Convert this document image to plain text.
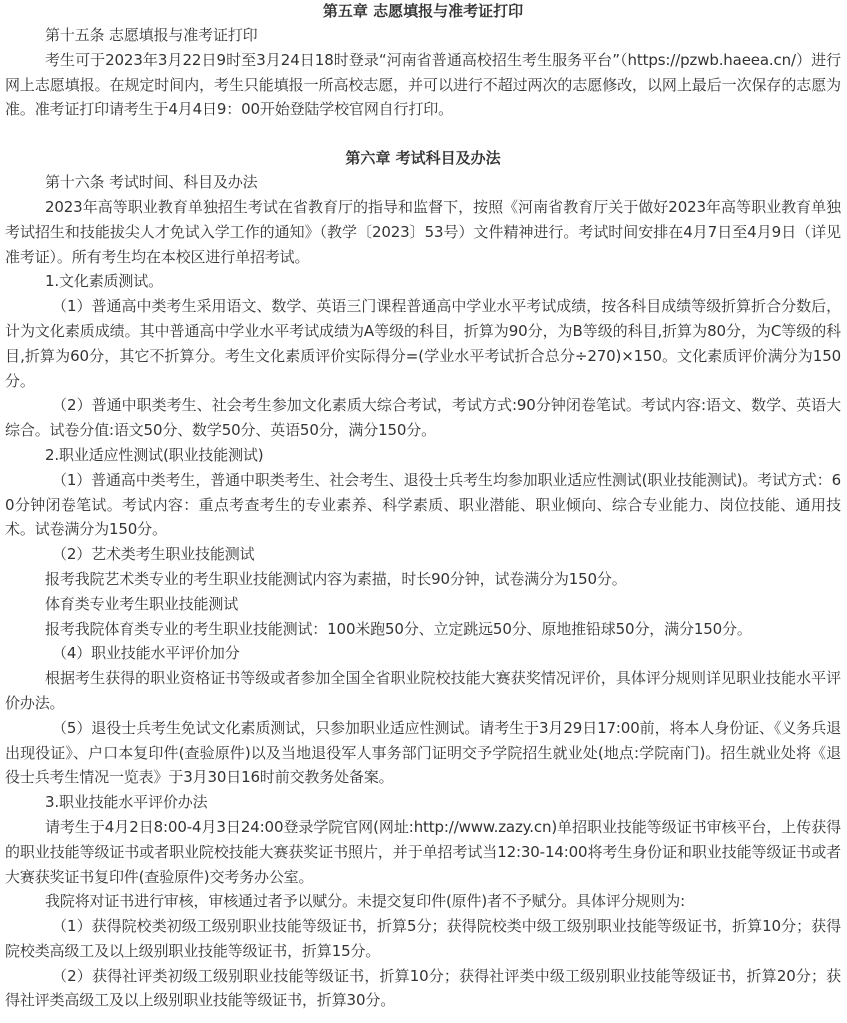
第五章 志愿填报与准考证打印

第十五条 志愿填报与准考证打印

考生可于2023年3月22日9时至3月24日18时登录“河南省普通高校招生考生服务平台”（https://pzwb.haeea.cn/）进行网上志愿填报。在规定时间内，考生只能填报一所高校志愿，并可以进行不超过两次的志愿修改，以网上最后一次保存的志愿为准。准考证打印请考生于4月4日9：00开始登陆学校官网自行打印。

第六章 考试科目及办法

第十六条 考试时间、科目及办法

2023年高等职业教育单独招生考试在省教育厅的指导和监督下，按照《河南省教育厅关于做好2023年高等职业教育单独考试招生和技能拔尖人才免试入学工作的通知》（教学〔2023〕53号）文件精神进行。考试时间安排在4月7日至4月9日（详见准考证）。所有考生均在本校区进行单招考试。

1.文化素质测试。

（1）普通高中类考生采用语文、数学、英语三门课程普通高中学业水平考试成绩，按各科目成绩等级折算折合分数后，计为文化素质成绩。其中普通高中学业水平考试成绩为A等级的科目，折算为90分，为B等级的科目,折算为80分，为C等级的科目,折算为60分，其它不折算分。考生文化素质评价实际得分=(学业水平考试折合总分÷270)×150。文化素质评价满分为150分。

（2）普通中职类考生、社会考生参加文化素质大综合考试，考试方式:90分钟闭卷笔试。考试内容:语文、数学、英语大综合。试卷分值:语文50分、数学50分、英语50分，满分150分。

2.职业适应性测试(职业技能测试)

（1）普通高中类考生，普通中职类考生、社会考生、退役士兵考生均参加职业适应性测试(职业技能测试)。考试方式：60分钟闭卷笔试。考试内容：重点考查考生的专业素养、科学素质、职业潜能、职业倾向、综合专业能力、岗位技能、通用技术。试卷满分为150分。

（2）艺术类考生职业技能测试

报考我院艺术类专业的考生职业技能测试内容为素描，时长90分钟，试卷满分为150分。

体育类专业考生职业技能测试

报考我院体育类专业的考生职业技能测试：100米跑50分、立定跳远50分、原地推铅球50分，满分150分。

（4）职业技能水平评价加分

根据考生获得的职业资格证书等级或者参加全国全省职业院校技能大赛获奖情况评价，具体评分规则详见职业技能水平评价办法。

（5）退役士兵考生免试文化素质测试，只参加职业适应性测试。请考生于3月29日17:00前，将本人身份证、《义务兵退出现役证》、户口本复印件(查验原件)以及当地退役军人事务部门证明交予学院招生就业处(地点:学院南门)。招生就业处将《退役士兵考生情况一览表》于3月30日16时前交教务处备案。

3.职业技能水平评价办法

请考生于4月2日8:00-4月3日24:00登录学院官网(网址:http://www.zazy.cn)单招职业技能等级证书审核平台，上传获得的职业技能等级证书或者职业院校技能大赛获奖证书照片，并于单招考试当12:30-14:00将考生身份证和职业技能等级证书或者大赛获奖证书复印件(查验原件)交考务办公室。

我院将对证书进行审核，审核通过者予以赋分。未提交复印件(原件)者不予赋分。具体评分规则为:

（1）获得院校类初级工级别职业技能等级证书，折算5分；获得院校类中级工级别职业技能等级证书，折算10分；获得院校类高级工及以上级别职业技能等级证书，折算15分。

（2）获得社评类初级工级别职业技能等级证书，折算10分；获得社评类中级工级别职业技能等级证书，折算20分；获得社评类高级工及以上级别职业技能等级证书，折算30分。
